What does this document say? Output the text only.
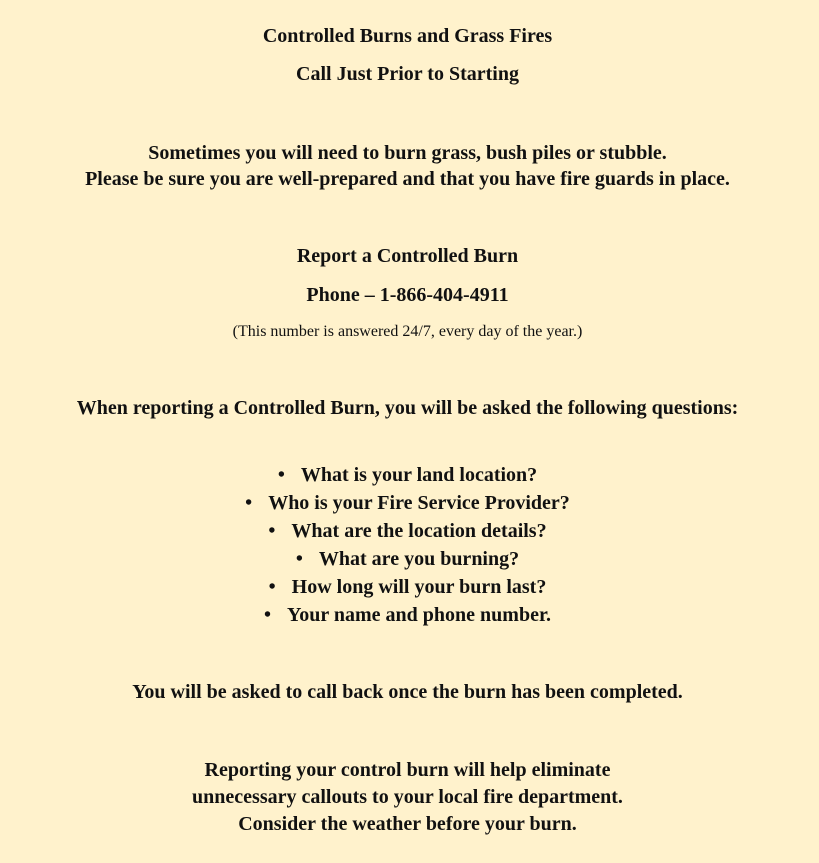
Controlled Burns and Grass Fires
Call Just Prior to Starting
Sometimes you will need to burn grass, bush piles or stubble.
Please be sure you are well-prepared and that you have fire guards in place.
Report a Controlled Burn
Phone – 1-866-404-4911
(This number is answered 24/7, every day of the year.)
When reporting a Controlled Burn, you will be asked the following questions:
• What is your land location?
• Who is your Fire Service Provider?
• What are the location details?
• What are you burning?
• How long will your burn last?
• Your name and phone number.
You will be asked to call back once the burn has been completed.
Reporting your control burn will help eliminate
unnecessary callouts to your local fire department.
Consider the weather before your burn.
